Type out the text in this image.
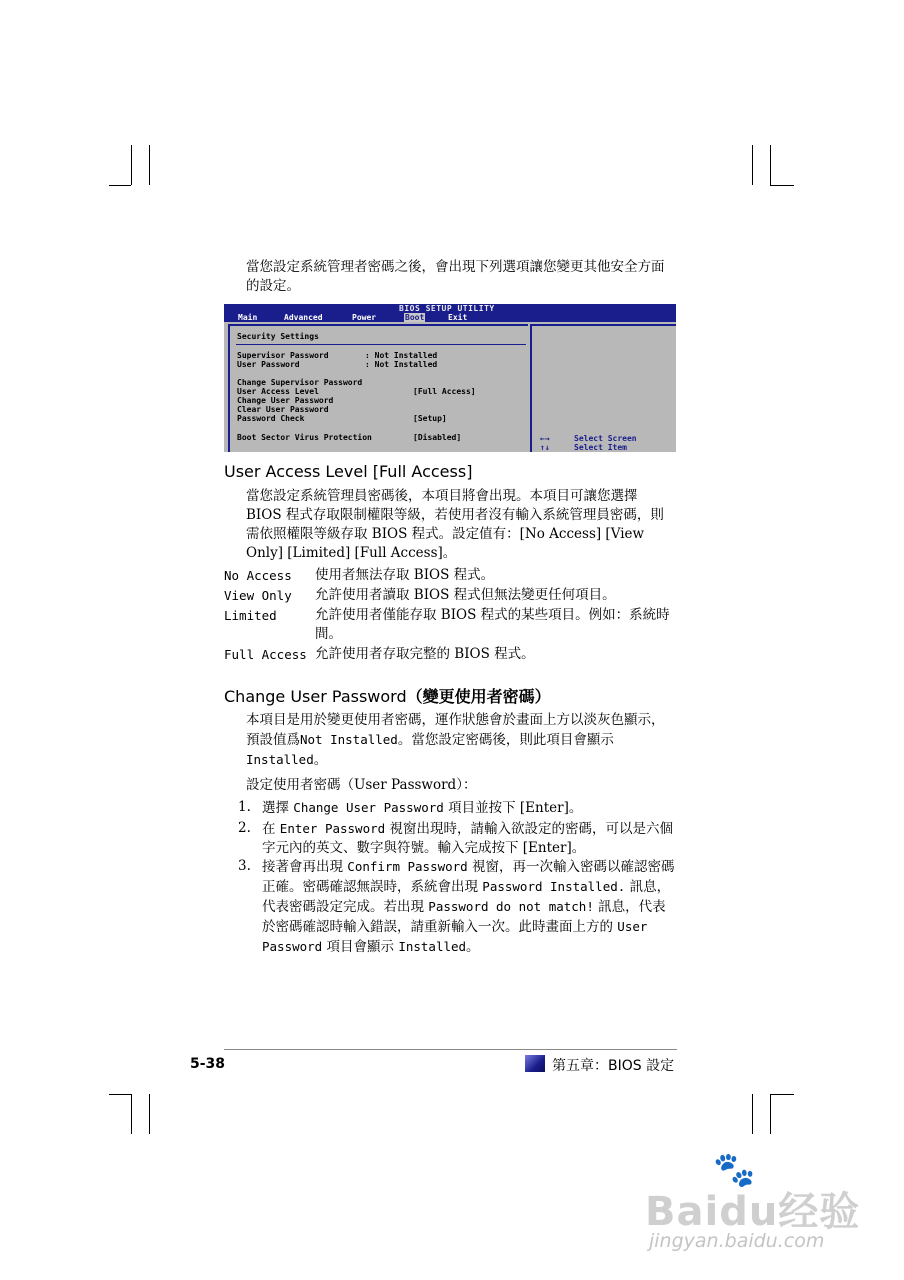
當您設定系統管理者密碼之後，會出現下列選項讓您變更其他安全方面的設定。
BIOS SETUP UTILITY
Main	Advanced	Power	Boot	Exit
Security Settings
Supervisor Password	: Not Installed
User Password	: Not Installed
Change Supervisor Password
User Access Level	[Full Access]
Change User Password
Clear User Password
Password Check	[Setup]
Boot Sector Virus Protection	[Disabled]	←→	Select Screen
↑↓	Select Item
User Access Level [Full Access]
當您設定系統管理員密碼後，本項目將會出現。本項目可讓您選擇 BIOS 程式存取限制權限等級，若使用者沒有輸入系統管理員密碼，則需依照權限等級存取 BIOS 程式。設定值有：[No Access] [View Only] [Limited] [Full Access]。
No Access 使用者無法存取 BIOS 程式。
View Only 允許使用者讀取 BIOS 程式但無法變更任何項目。
Limited	允許使用者僅能存取 BIOS 程式的某些項目。例如：系統時間。
Full Access 允許使用者存取完整的 BIOS 程式。
Change User Password（變更使用者密碼）
本項目是用於變更使用者密碼，運作狀態會於畫面上方以淡灰色顯示，預設值爲Not Installed。當您設定密碼後，則此項目會顯示Installed。
設定使用者密碼（User Password）：
1. 選擇 Change User Password 項目並按下 [Enter]。
2. 在 Enter Password 視窗出現時，請輸入欲設定的密碼，可以是六個字元內的英文、數字與符號。輸入完成按下 [Enter]。
3. 接著會再出現 Confirm Password 視窗，再一次輸入密碼以確認密碼正確。密碼確認無誤時，系統會出現 Password Installed. 訊息，代表密碼設定完成。若出現 Password do not match! 訊息，代表於密碼確認時輸入錯誤，請重新輸入一次。此時畫面上方的 User Password 項目會顯示 Installed。
5-38	第五章：BIOS 設定
🐾
Baidu经验
jingyan.baidu.com
